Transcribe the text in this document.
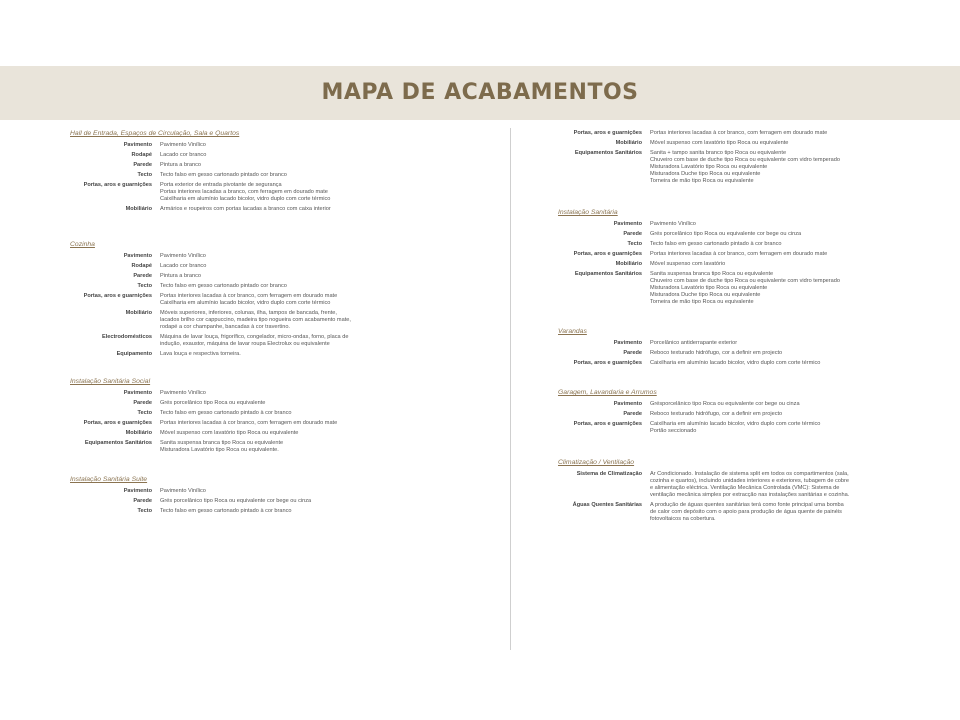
MAPA DE ACABAMENTOS
Hall de Entrada, Espaços de Circulação, Sala e Quartos
Pavimento	Pavimento Vinílico
Rodapé	Lacado cor branco
Parede	Pintura a branco
Tecto	Tecto falso em gesso cartonado pintado cor branco
Portas, aros e guarnições	Porta exterior de entrada pivotante de segurança
Portas interiores lacadas a branco, com ferragem em dourado mate
Caixilharia em alumínio lacado bicolor, vidro duplo com corte térmico
Mobiliário	Armários e roupeiros com portas lacadas a branco com caixa interior
Cozinha
Pavimento	Pavimento Vinílico
Rodapé	Lacado cor branco
Parede	Pintura a branco
Tecto	Tecto falso em gesso cartonado pintado cor branco
Portas, aros e guarnições	Portas interiores lacadas à cor branco, com ferragem em dourado mate
Caixilharia em alumínio lacado bicolor, vidro duplo com corte térmico
Mobiliário	Móveis superiores, inferiores, colunas, ilha, tampos de bancada, frente,
lacados brilho cor cappuccino, madeira tipo nogueira com acabamento mate,
rodapé a cor champanhe, bancadas à cor travertino.
Electrodomésticos	Máquina de lavar louça, frigorífico, congelador, micro-ondas, forno, placa de
indução, exaustor, máquina de lavar roupa Electrolux ou equivalente
Equipamento	Lava louça e respectiva torneira.
Instalação Sanitária Social
Pavimento	Pavimento Vinílico
Parede	Grés porcelânico tipo Roca ou equivalente
Tecto	Tecto falso em gesso cartonado pintado à cor branco
Portas, aros e guarnições	Portas interiores lacadas à cor branco, com ferragem em dourado mate
Mobiliário	Móvel suspenso com lavatório tipo Roca ou equivalente
Equipamentos Sanitários	Sanita suspensa branca tipo Roca ou equivalente
Misturadora Lavatório tipo Roca ou equivalente.
Instalação Sanitária Suite
Pavimento	Pavimento Vinílico
Parede	Grés porcelânico tipo Roca ou equivalente cor bege ou cinza
Tecto	Tecto falso em gesso cartonado pintado à cor branco
Portas, aros e guarnições	Portas interiores lacadas à cor branco, com ferragem em dourado mate
Mobiliário	Móvel suspenso com lavatório tipo Roca ou equivalente
Equipamentos Sanitários	Sanita + tampo sanita branco tipo Roca ou equivalente
Chuveiro com base de duche tipo Roca ou equivalente com vidro temperado
Misturadora Lavatório tipo Roca ou equivalente
Misturadora Duche tipo Roca ou equivalente
Torneira de mão tipo Roca ou equivalente
Instalação Sanitária
Pavimento	Pavimento Vinílico
Parede	Grés porcelânico tipo Roca ou equivalente cor bege ou cinza
Tecto	Tecto falso em gesso cartonado pintado à cor branco
Portas, aros e guarnições	Portas interiores lacadas à cor branco, com ferragem em dourado mate
Mobiliário	Móvel suspenso com lavatório
Equipamentos Sanitários	Sanita suspensa branca tipo Roca ou equivalente
Chuveiro com base de duche tipo Roca ou equivalente com vidro temperado
Misturadora Lavatório tipo Roca ou equivalente
Misturadora Duche tipo Roca ou equivalente
Torneira de mão tipo Roca ou equivalente
Varandas
Pavimento	Porcelânico antiderrapante exterior
Parede	Reboco texturado hidrófugo, cor a definir em projecto
Portas, aros e guarnições	Caixilharia em alumínio lacado bicolor, vidro duplo com corte térmico
Garagem, Lavandaria e Arrumos
Pavimento	Grésporcelânico tipo Roca ou equivalente cor bege ou cinza
Parede	Reboco texturado hidrófugo, cor a definir em projecto
Portas, aros e guarnições	Caixilharia em alumínio lacado bicolor, vidro duplo com corte térmico
Portão seccionado
Climatização / Ventilação
Sistema de Climatização	Ar Condicionado. Instalação de sistema split em todos os compartimentos (sala,
cozinha e quartos), incluindo unidades interiores e exteriores, tubagem de cobre
e alimentação eléctrica. Ventilação Mecânica Controlada (VMC): Sistema de
ventilação mecânica simples por extracção nas instalações sanitárias e cozinha.
Águas Quentes Sanitárias	A produção de águas quentes sanitárias terá como fonte principal uma bomba
de calor com depósito com o apoio para produção de água quente de painéis
fotovoltaicos na cobertura.
